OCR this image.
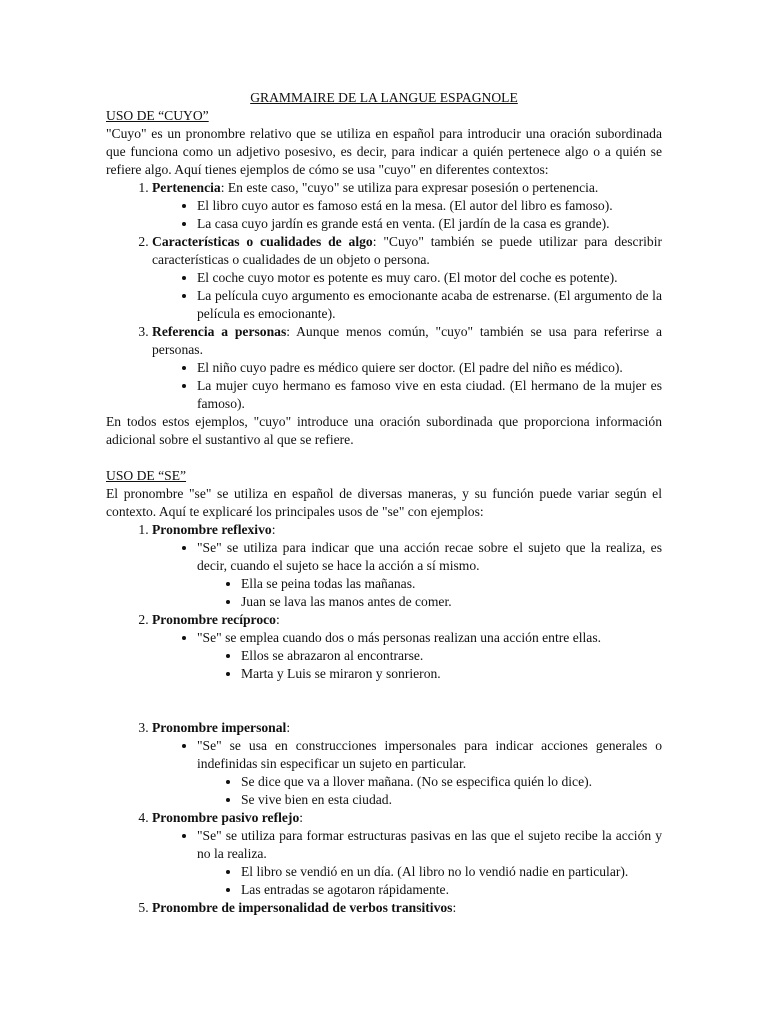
GRAMMAIRE DE LA LANGUE ESPAGNOLE
USO DE “CUYO”

"Cuyo" es un pronombre relativo que se utiliza en español para introducir una oración subordinada que funciona como un adjetivo posesivo, es decir, para indicar a quién pertenece algo o a quién se refiere algo. Aquí tienes ejemplos de cómo se usa "cuyo" en diferentes contextos:

1. Pertenencia: En este caso, "cuyo" se utiliza para expresar posesión o pertenencia.
• El libro cuyo autor es famoso está en la mesa. (El autor del libro es famoso).
• La casa cuyo jardín es grande está en venta. (El jardín de la casa es grande).
2. Características o cualidades de algo: "Cuyo" también se puede utilizar para describir características o cualidades de un objeto o persona.
• El coche cuyo motor es potente es muy caro. (El motor del coche es potente).
• La película cuyo argumento es emocionante acaba de estrenarse. (El argumento de la película es emocionante).
3. Referencia a personas: Aunque menos común, "cuyo" también se usa para referirse a personas.
• El niño cuyo padre es médico quiere ser doctor. (El padre del niño es médico).
• La mujer cuyo hermano es famoso vive en esta ciudad. (El hermano de la mujer es famoso).

En todos estos ejemplos, "cuyo" introduce una oración subordinada que proporciona información adicional sobre el sustantivo al que se refiere.

USO DE “SE”

El pronombre "se" se utiliza en español de diversas maneras, y su función puede variar según el contexto. Aquí te explicaré los principales usos de "se" con ejemplos:

1. Pronombre reflexivo:
• "Se" se utiliza para indicar que una acción recae sobre el sujeto que la realiza, es decir, cuando el sujeto se hace la acción a sí mismo.
• Ella se peina todas las mañanas.
• Juan se lava las manos antes de comer.
2. Pronombre recíproco:
• "Se" se emplea cuando dos o más personas realizan una acción entre ellas.
• Ellos se abrazaron al encontrarse.
• Marta y Luis se miraron y sonrieron.
3. Pronombre impersonal:
• "Se" se usa en construcciones impersonales para indicar acciones generales o indefinidas sin especificar un sujeto en particular.
• Se dice que va a llover mañana. (No se especifica quién lo dice).
• Se vive bien en esta ciudad.
4. Pronombre pasivo reflejo:
• "Se" se utiliza para formar estructuras pasivas en las que el sujeto recibe la acción y no la realiza.
• El libro se vendió en un día. (Al libro no lo vendió nadie en particular).
• Las entradas se agotaron rápidamente.
5. Pronombre de impersonalidad de verbos transitivos:
